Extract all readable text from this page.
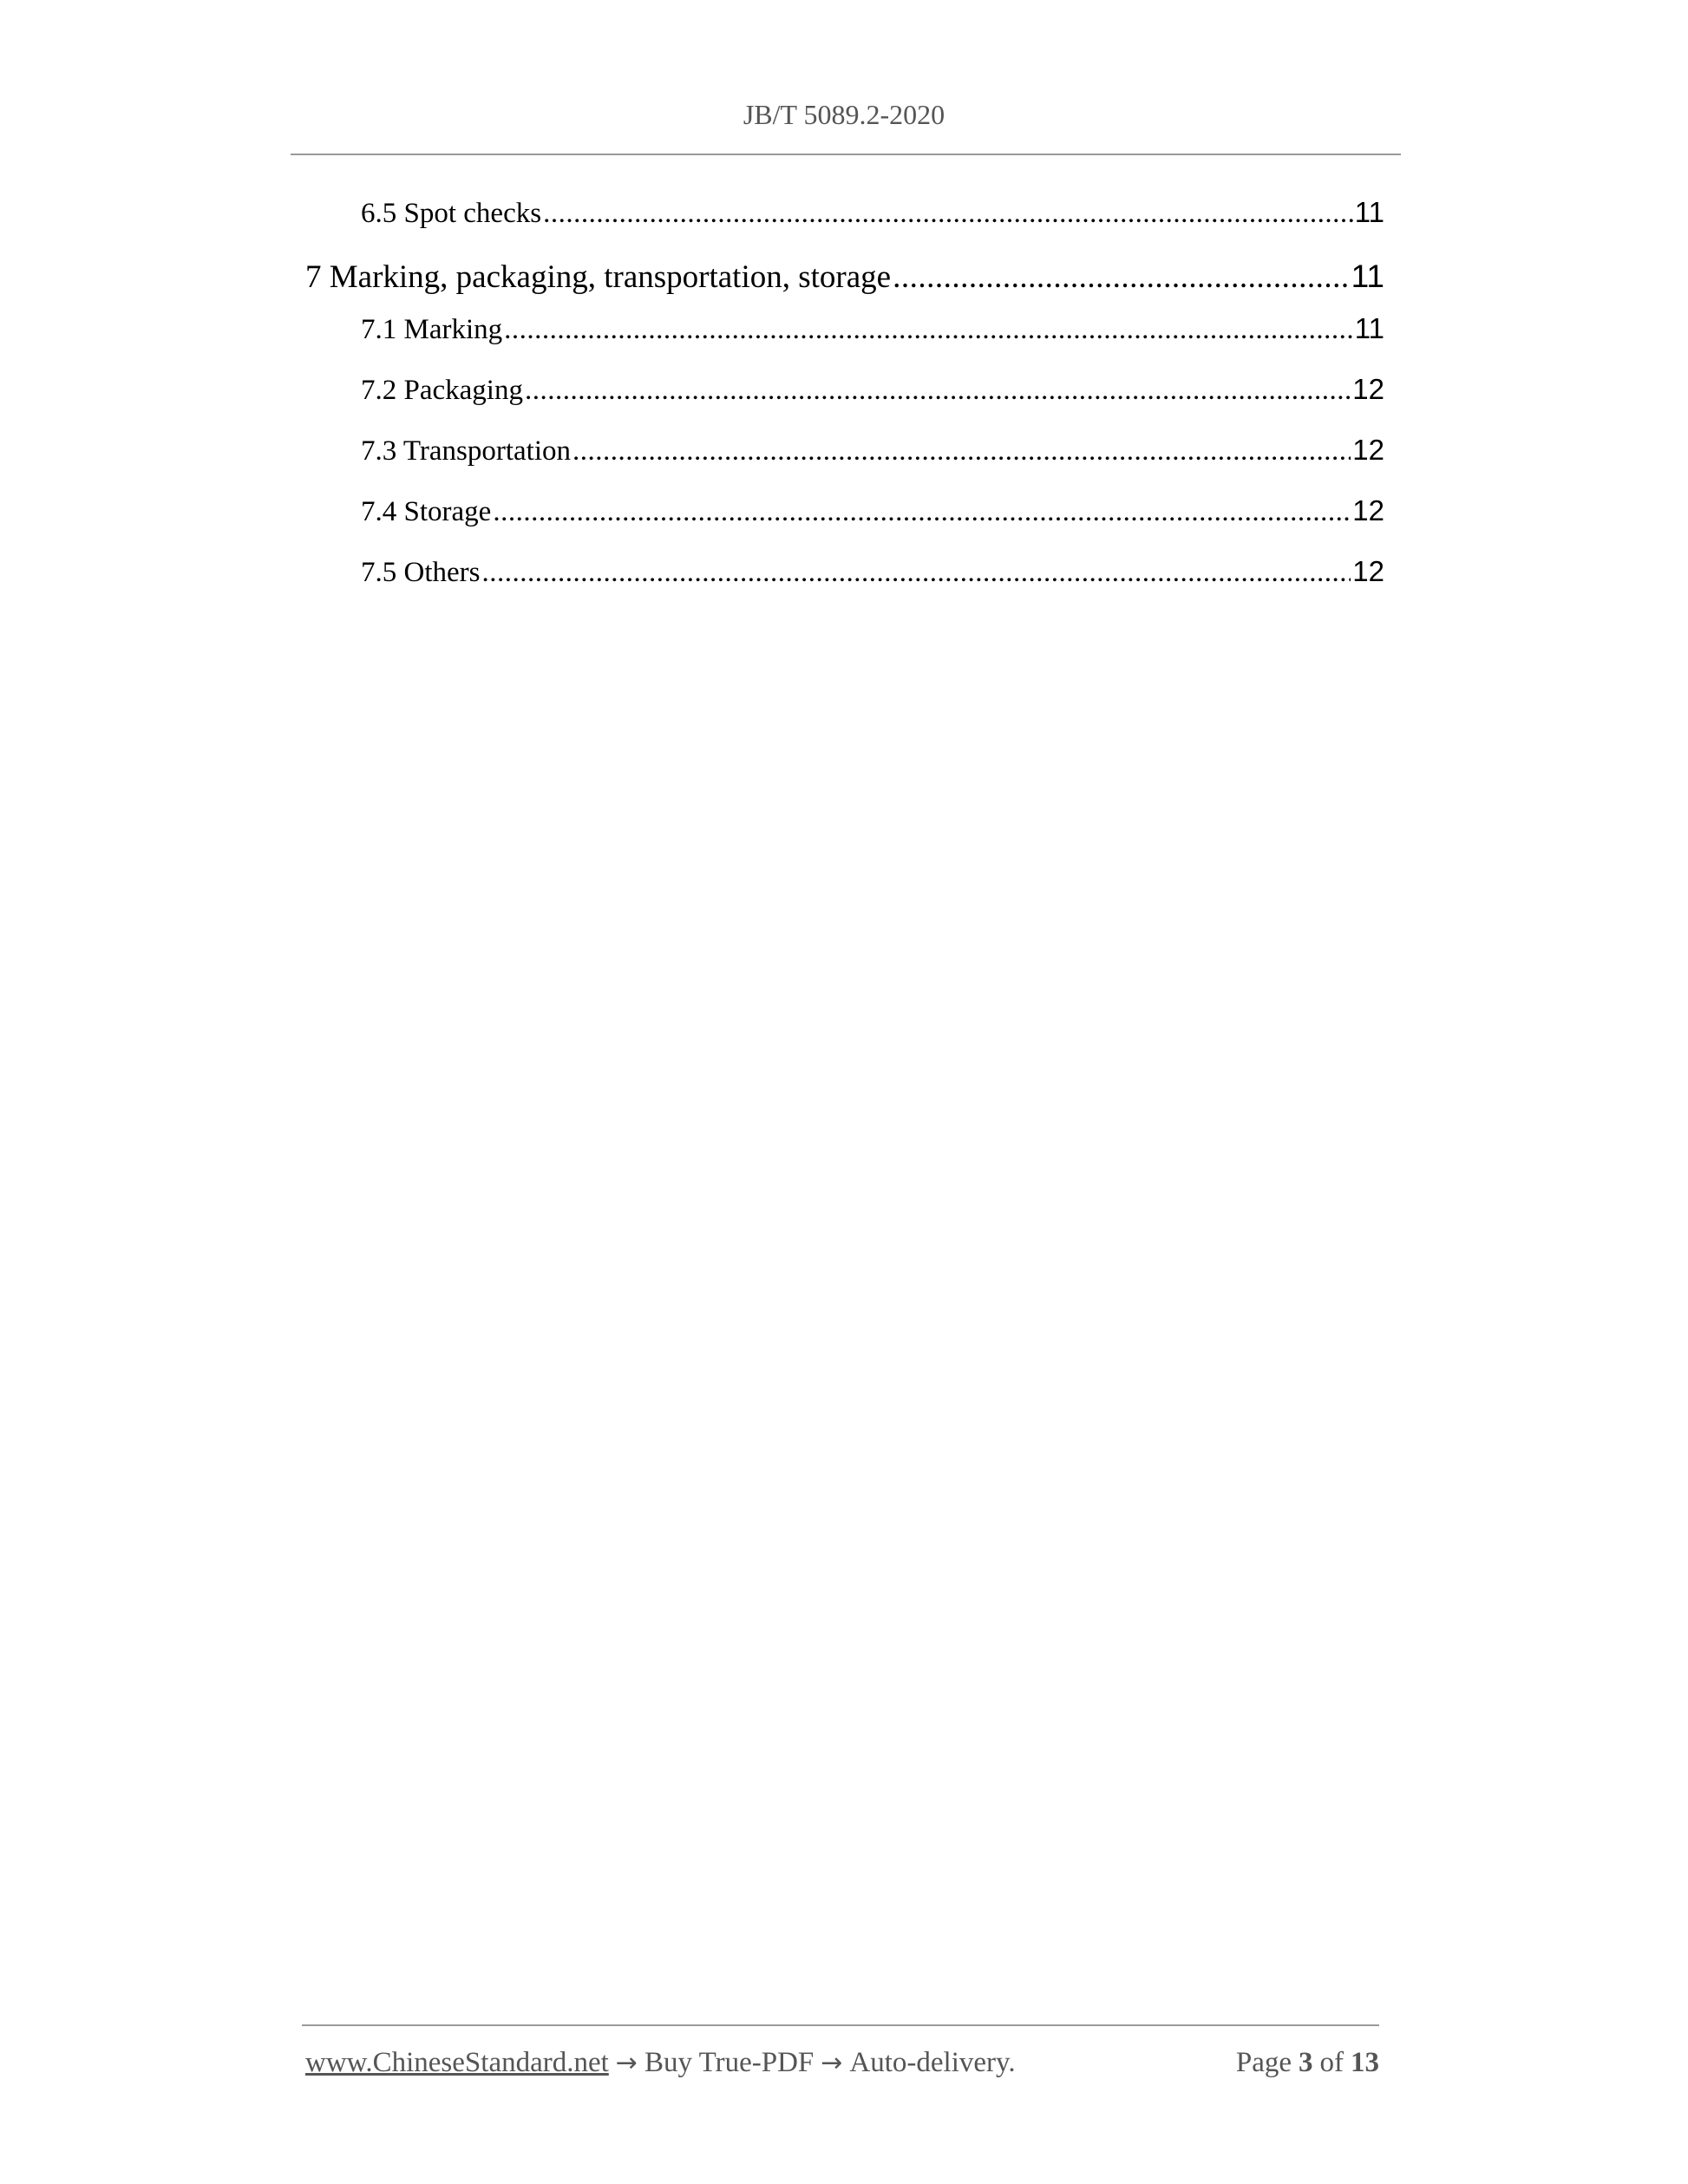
JB/T 5089.2-2020
6.5 Spot checks .....	11
7 Marking, packaging, transportation, storage .....	11
7.1 Marking .....	11
7.2 Packaging .....	12
7.3 Transportation .....	12
7.4 Storage .....	12
7.5 Others .....	12
www.ChineseStandard.net → Buy True-PDF → Auto-delivery.	Page 3 of 13
